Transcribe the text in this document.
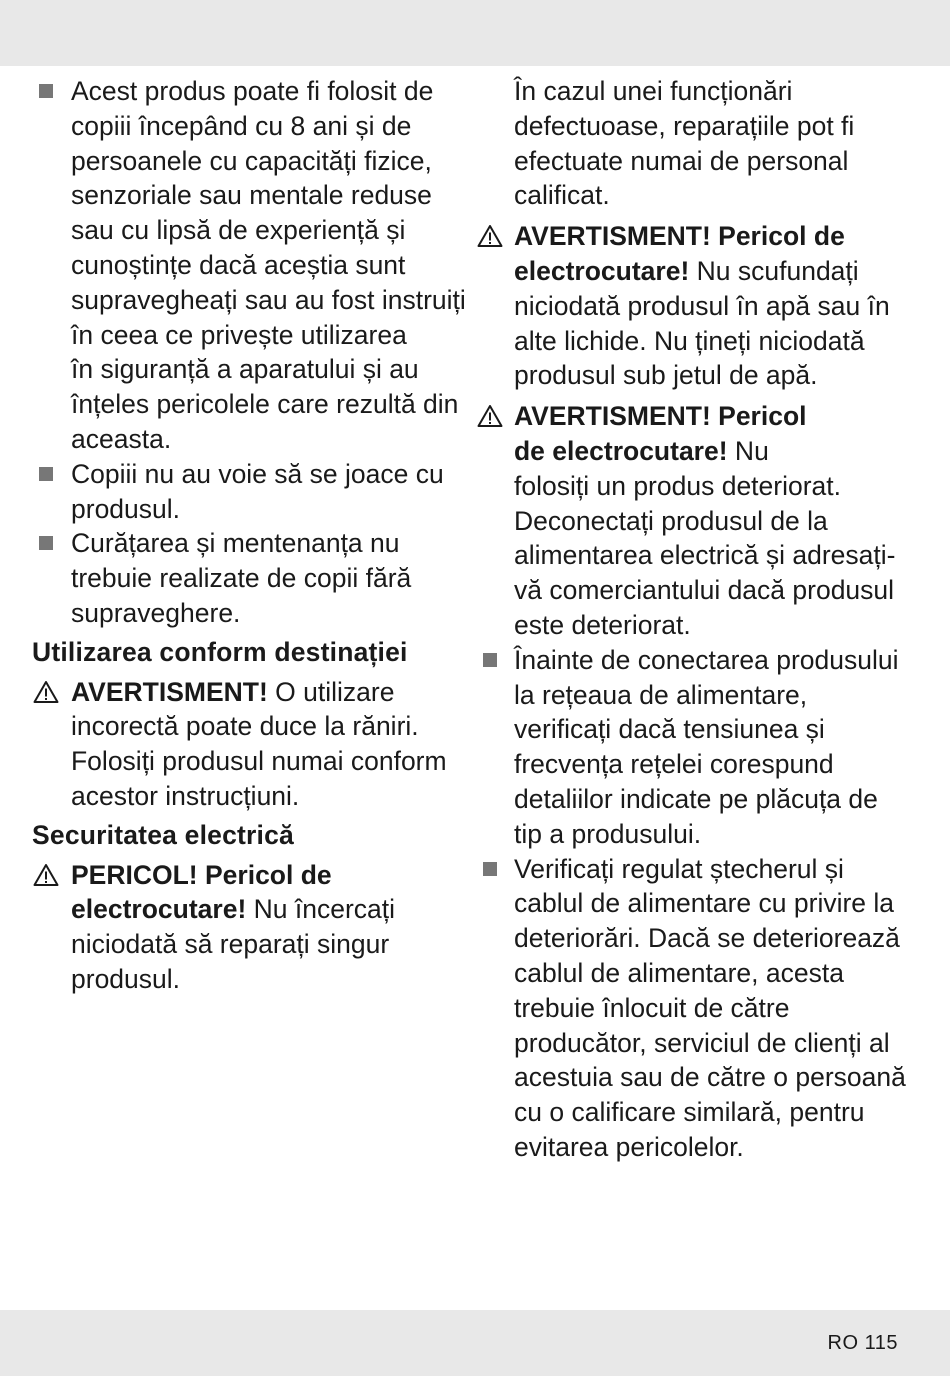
Acest produs poate fi folosit de
copiii începând cu 8 ani și de
persoanele cu capacități fizice,
senzoriale sau mentale reduse
sau cu lipsă de experiență și
cunoștințe dacă aceștia sunt
supravegheați sau au fost instruiți
în ceea ce privește utilizarea
în siguranță a aparatului și au
înțeles pericolele care rezultă din
aceasta.
Copiii nu au voie să se joace cu
produsul.
Curățarea și mentenanța nu
trebuie realizate de copii fără
supraveghere.
Utilizarea conform destinației
AVERTISMENT! O utilizare
incorectă poate duce la răniri.
Folosiți produsul numai conform
acestor instrucțiuni.
Securitatea electrică
PERICOL! Pericol de
electrocutare! Nu încercați
niciodată să reparați singur
produsul.
În cazul unei funcționări
defectuoase, reparațiile pot fi
efectuate numai de personal
calificat.
AVERTISMENT! Pericol de
electrocutare! Nu scufundați
niciodată produsul în apă sau în
alte lichide. Nu țineți niciodată
produsul sub jetul de apă.
AVERTISMENT! Pericol
de electrocutare! Nu
folosiți un produs deteriorat.
Deconectați produsul de la
alimentarea electrică și adresați-
vă comerciantului dacă produsul
este deteriorat.
Înainte de conectarea produsului
la rețeaua de alimentare,
verificați dacă tensiunea și
frecvența rețelei corespund
detaliilor indicate pe plăcuța de
tip a produsului.
Verificați regulat ștecherul și
cablul de alimentare cu privire la
deteriorări. Dacă se deteriorează
cablul de alimentare, acesta
trebuie înlocuit de către
producător, serviciul de clienți al
acestuia sau de către o persoană
cu o calificare similară, pentru
evitarea pericolelor.
RO 115
